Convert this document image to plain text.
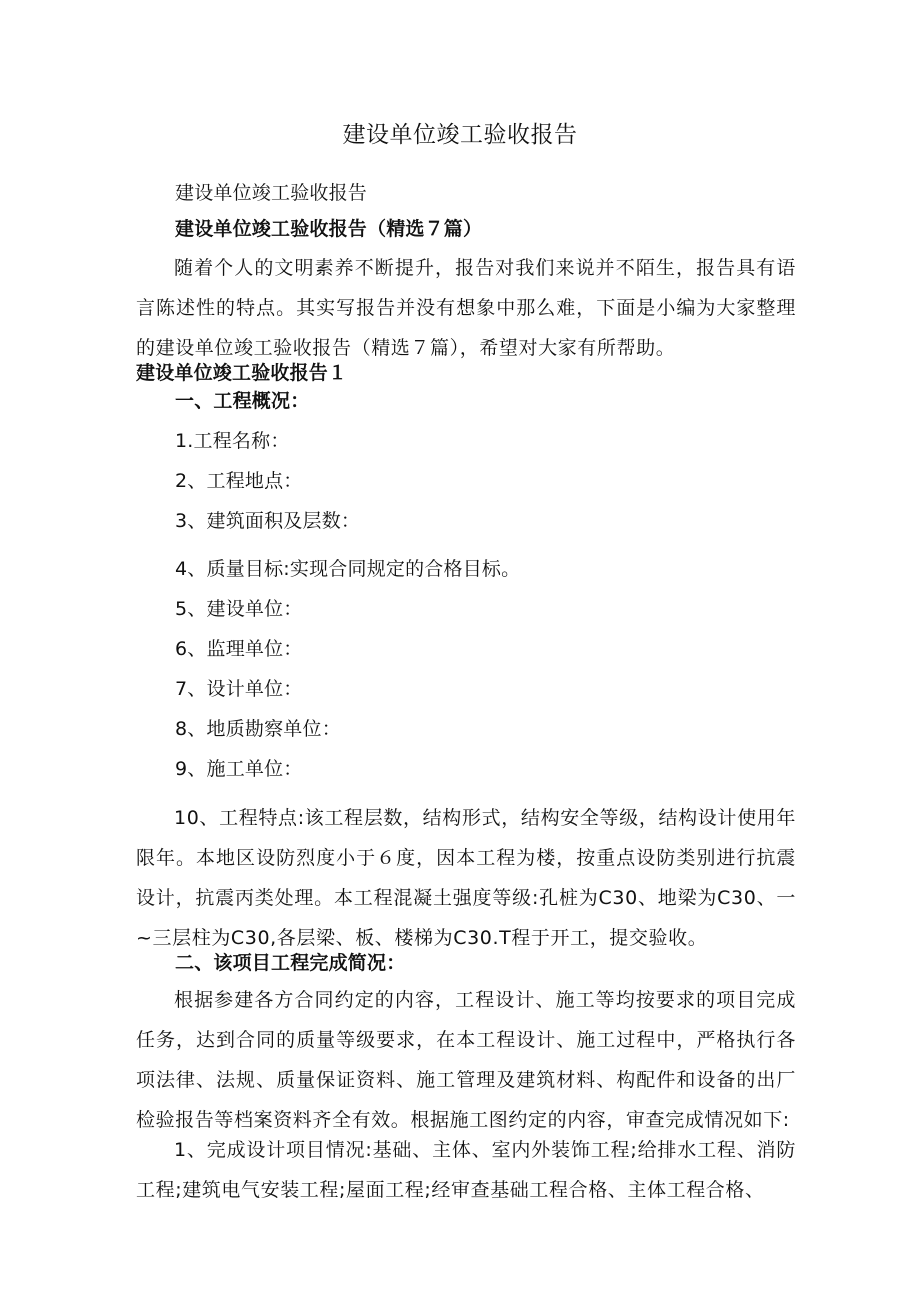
建设单位竣工验收报告
建设单位竣工验收报告
建设单位竣工验收报告（精选７篇）
随着个人的文明素养不断提升，报告对我们来说并不陌生，报告具有语言陈述性的特点。其实写报告并没有想象中那么难，下面是小编为大家整理的建设单位竣工验收报告（精选７篇），希望对大家有所帮助。
建设单位竣工验收报告１
一、工程概况：
1.工程名称：
2、工程地点：
3、建筑面积及层数：
4、质量目标:实现合同规定的合格目标。
5、建设单位：
6、监理单位：
7、设计单位：
8、地质勘察单位：
9、施工单位：
10、工程特点:该工程层数，结构形式，结构安全等级，结构设计使用年限年。本地区设防烈度小于６度，因本工程为楼，按重点设防类别进行抗震设计，抗震丙类处理。本工程混凝土强度等级:孔桩为C30、地梁为C30、一~三层柱为C30,各层梁、板、楼梯为C30.T程于开工，提交验收。
二、该项目工程完成简况：
根据参建各方合同约定的内容，工程设计、施工等均按要求的项目完成任务，达到合同的质量等级要求，在本工程设计、施工过程中，严格执行各项法律、法规、质量保证资料、施工管理及建筑材料、构配件和设备的出厂检验报告等档案资料齐全有效。根据施工图约定的内容，审查完成情况如下:
1、完成设计项目情况:基础、主体、室内外装饰工程;给排水工程、消防工程;建筑电气安装工程;屋面工程;经审查基础工程合格、主体工程合格、
